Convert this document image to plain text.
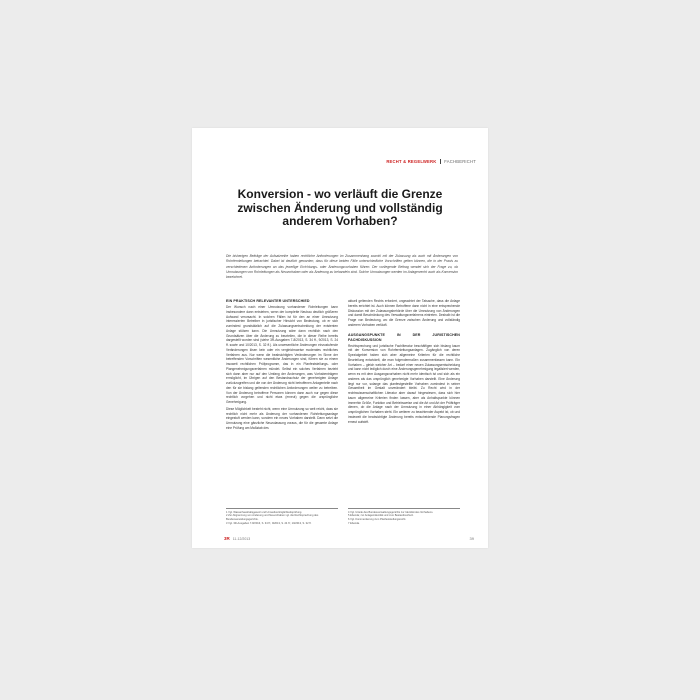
RECHT & REGELWERK FACHBERICHT
Konversion - wo verläuft die Grenze zwischen Änderung und vollständig anderem Vorhaben?

Die bisherigen Beiträge der Aufsatzreihe haben rechtliche Anforderungen im Zusammenhang sowohl mit der Zulassung als auch mit Änderungen von Rohrfernleitungen betrachtet. Dabei ist deutlich geworden, dass für diese beiden Fälle unterschiedliche Vorschriften gelten können, die in der Praxis zu verschiedenen Anforderungen an das jeweilige Errichtungs- oder Änderungsvorhaben führen. Der vorliegende Beitrag wendet sich der Frage zu, ob Umnutzungen von Rohrleitungen als Neuvorhaben oder als Änderung zu behandeln sind. Solche Umnutzungen werden im Anlagenrecht auch als Konversion bezeichnet.

EIN PRAKTISCH RELEVANTER UNTERSCHIED

Der Wunsch nach einer Umnutzung vorhandener Rohrleitungen kann insbesondere dann entstehen, wenn der komplette Neubau deutlich größeren Aufwand verursacht. In solchen Fällen ist für den an einer Umnutzung interessierten Betreiber in juristischer Hinsicht von Bedeutung, ob er sich zumindest grundsätzlich auf die Zulassungsentscheidung der existenten Anlage stützen kann. Die Umnutzung wäre dann rechtlich nach den Grundsätzen über die Änderung zu beurteilen, die in dieser Reihe bereits dargestellt worden sind (siehe 3R-Ausgaben 7-8/2013, S. 34 ff., 9/2013, S. 24 ff. sowie und 10/2013, S. 32 ff.). Als unwesentliche Änderungen einzustufende Veränderungen lösen kein oder ein vergleichsweise moderates rechtliches Verfahren aus. Nur wenn die beabsichtigten Veränderungen im Sinne der betreffenden Vorschriften wesentliche Änderungen sind, führen sie zu einem insoweit rechtlichen Prüfprogramm, das in ein Planfeststellungs- oder Plangenehmigungsverfahren mündet. Selbst ein solches Verfahren bezieht sich dann aber nur auf den Umfang der Änderungen, was Vorhabenträgern ermöglicht, im Übrigen auf den Bestandsschutz der genehmigten Anlage zurückzugreifen und die von der Änderung nicht betroffenen Anlagenteile nach den für sie bislang geltenden rechtlichen Anforderungen weiter zu betreiben. Von der Änderung betroffene Personen können dann auch nur gegen diese rechtlich vorgehen und nicht etwa (erneut) gegen die ursprüngliche Genehmigung.

Diese Möglichkeit besteht nicht, wenn eine Umnutzung so weit reicht, dass sie rechtlich nicht mehr als Änderung der vorhandenen Rohrleitungsanlage eingestuft werden kann, sondern ein neues Vorhaben darstellt. Dann setzt die Umnutzung eine gänzliche Neuzulassung voraus, die für die gesamte Anlage eine Prüfung am Maßstab des

aktuell geltenden Rechts erfordert, ungeachtet der Tatsache, dass die Anlage bereits errichtet ist. Auch können Betroffene dann nicht in eine entsprechende Diskussion mit der Zulassungsbehörde über die Umnutzung von Änderungen und damit Beschränkung des Verwaltungsverfahrens eintreten. Deshalb ist die Frage von Bedeutung, wo die Grenze zwischen Änderung und vollständig anderem Vorhaben verläuft.

AUSGANGSPUNKTE IN DER JURISTISCHEN FACHDISKUSSION

Rechtsprechung und juristische Fachliteratur beschäftigen sich bislang kaum mit der Konversion von Rohrfernleitungsanlagen. Zugänglich von deren Spezialgebiet haben sich aber allgemeine Kriterien für die rechtliche Beurteilung entwickelt, die man folgendermaßen zusammenfassen kann. Ein Vorhaben – gleich welcher Art – bedarf einer neuen Zulassungsentscheidung und kann nicht lediglich durch eine Änderungsgenehmigung legalisiert werden, wenn es mit dem Ausgangsvorhaben nicht mehr identisch ist und sich als ein anderes als das ursprünglich genehmigte Vorhaben darstellt. Eine Änderung liegt nur vor, solange das planfestgestellte Vorhaben zumindest in seiner Gesamtheit im Gestalt unverändert bleibt. Zu Recht wird in der rechtswissenschaftlichen Literatur aber darauf hingewiesen, dass sich hier kaum allgemeine Kriterien finden lassen, aber als Anhaltspunkte können immerhin Größe, Funktion und Betriebsweise und die Art und Art der Prüfträger dienen, ob die Anlage nach der Umnutzung in einer Abhängigkeit vom ursprünglichen Vorhaben steht. Ein weiterer zu beachtender Aspekt ist, ob und inwieweit die beabsichtigte Änderung bereits entscheidende Planungsfragen erneut aufwirft.

1 Vgl. Wasserhaushaltsgesetz und Umweltverträglichkeitsprüfung.
2 Zur Abgrenzung von Änderung und Neuvorhaben vgl. die Rechtsprechung des Bundesverwaltungsgerichts.
3 Vgl. 3R-Ausgaben 7-8/2013, S. 34 ff.; 9/2013, S. 24 ff.; 10/2013, S. 32 ff.
4 Vgl. Urteile des Bundesverwaltungsgerichts zur Identität des Vorhabens.
5 Ebenda; zur Anlagenidentität und zum Bestandsschutz.
6 Vgl. Kommentierung zum Planfeststellungsrecht.
7 Ebenda.
3R 11-12/2013	39
